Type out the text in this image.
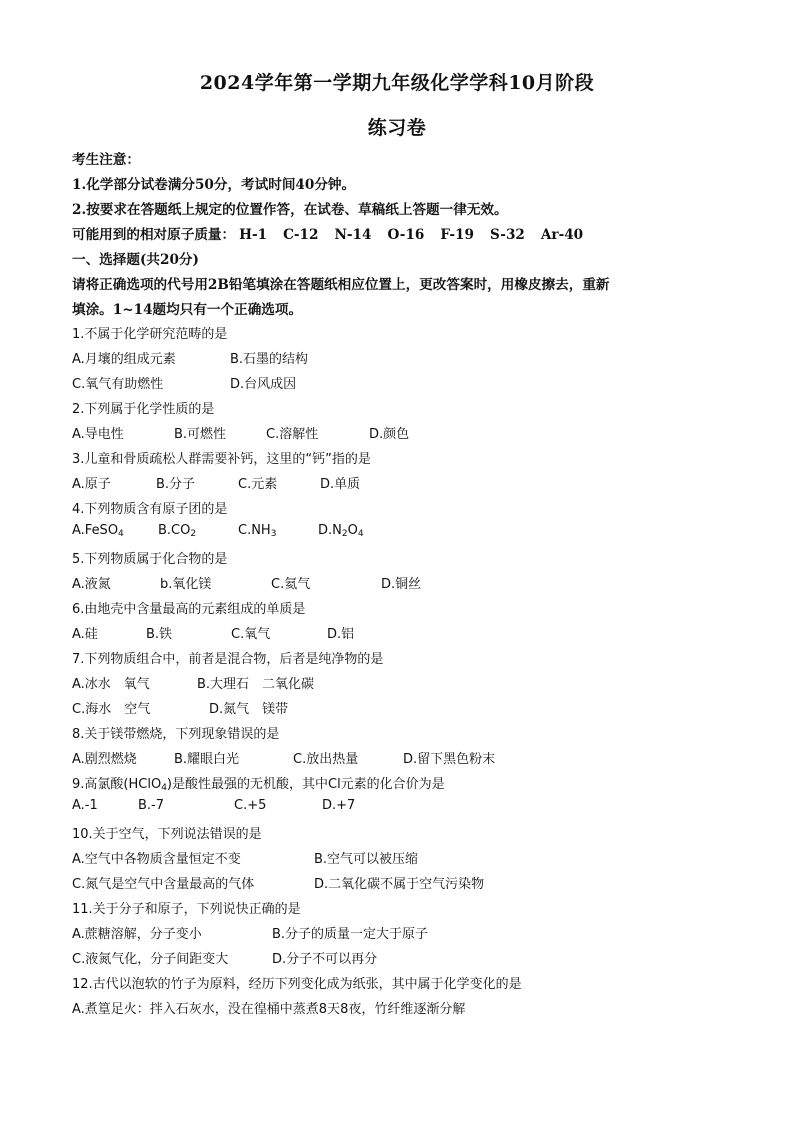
2024学年第一学期九年级化学学科10月阶段
练习卷
考生注意：
1.化学部分试卷满分50分，考试时间40分钟。
2.按要求在答题纸上规定的位置作答，在试卷、草稿纸上答题一律无效。
可能用到的相对原子质量： H-1 C-12 N-14 O-16 F-19 S-32 Ar-40
一、选择题(共20分)
请将正确选项的代号用2B铅笔填涂在答题纸相应位置上，更改答案时，用橡皮擦去，重新
填涂。1~14题均只有一个正确选项。
1.不属于化学研究范畴的是
A.月壤的组成元素	B.石墨的结构
C.氧气有助燃性	D.台风成因
2.下列属于化学性质的是
A.导电性	B.可燃性	C.溶解性	D.颜色
3.儿童和骨质疏松人群需要补钙，这里的“钙”指的是
A.原子	B.分子	C.元素	D.单质
4.下列物质含有原子团的是
A.FeSO$_4$	$B.CO_2$	$C.NH_3$	$D.N_2O_4$
5.下列物质属于化合物的是
A.液氮	b.氧化镁	C.氦气	D.铜丝
6.由地壳中含量最高的元素组成的单质是
A.硅	B.铁	C.氧气	D.铝
7.下列物质组合中，前者是混合物，后者是纯净物的是
A.冰水　氧气	B.大理石　二氧化碳
C.海水　空气	D.氮气　镁带
8.关于镁带燃烧，下列现象错误的是
A.剧烈燃烧	B.耀眼白光	C.放出热量	D.留下黑色粉末
9.高氯酸(HClO$_4$)是酸性最强的无机酸，其中Cl元素的化合价为是
A.-1	B.-7	C.+5	D.+7
10.关于空气，下列说法错误的是
A.空气中各物质含量恒定不变	B.空气可以被压缩
C.氮气是空气中含量最高的气体	D.二氧化碳不属于空气污染物
11.关于分子和原子，下列说快正确的是
A.蔗糖溶解，分子变小	B.分子的质量一定大于原子
C.液氮气化，分子间距变大	D.分子不可以再分
12.古代以泡软的竹子为原料，经历下列变化成为纸张，其中属于化学变化的是
A.煮篁足火：拌入石灰水，没在徨桶中蒸煮8天8夜，竹纤维逐渐分解
